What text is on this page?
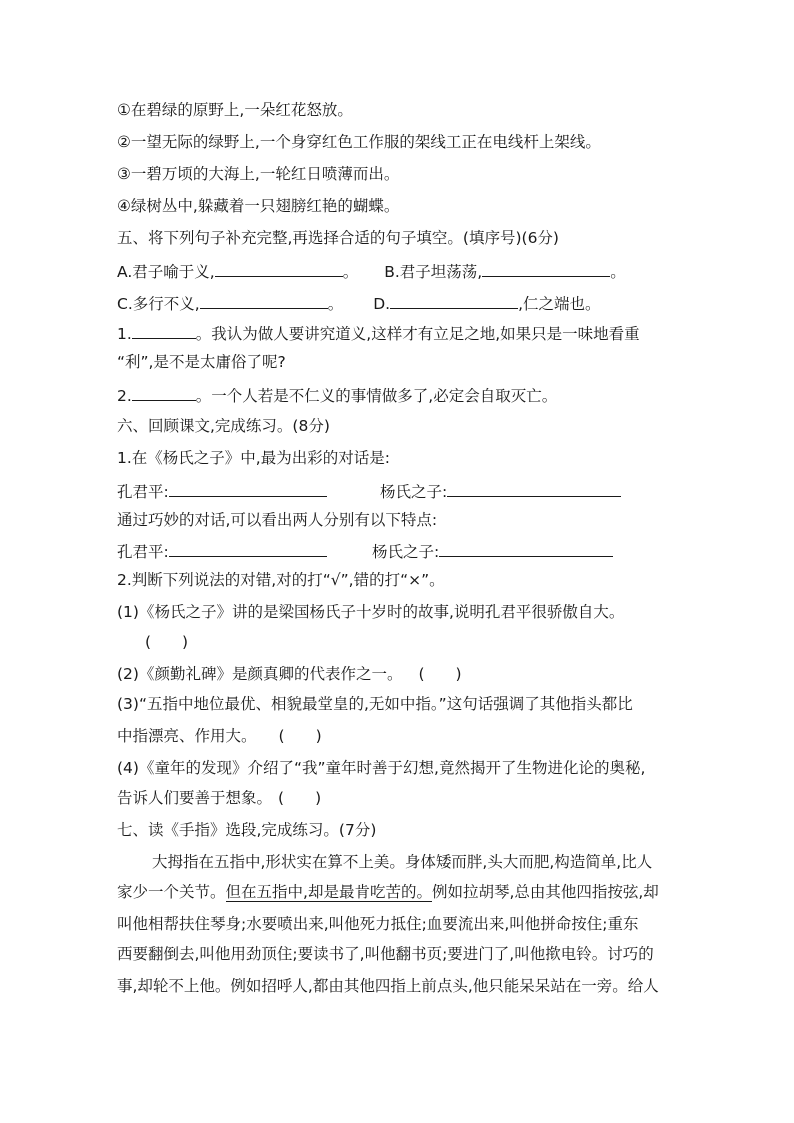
①在碧绿的原野上,一朵红花怒放。
②一望无际的绿野上,一个身穿红色工作服的架线工正在电线杆上架线。
③一碧万顷的大海上,一轮红日喷薄而出。
④绿树丛中,躲藏着一只翅膀红艳的蝴蝶。
五、将下列句子补充完整,再选择合适的句子填空。(填序号)(6分)
A.君子喻于义,	。 B.君子坦荡荡,	。
C.多行不义,	。 D.	,仁之端也。
1.	。我认为做人要讲究道义,这样才有立足之地,如果只是一味地看重
“利”,是不是太庸俗了呢?
2.	。一个人若是不仁义的事情做多了,必定会自取灭亡。
六、回顾课文,完成练习。(8分)
1.在《杨氏之子》中,最为出彩的对话是:
孔君平:	杨氏之子:
通过巧妙的对话,可以看出两人分别有以下特点:
孔君平:	杨氏之子:
2.判断下列说法的对错,对的打“√”,错的打“×”。
(1)《杨氏之子》讲的是梁国杨氏子十岁时的故事,说明孔君平很骄傲自大。
(　　)
(2)《颜勤礼碑》是颜真卿的代表作之一。 (　　)
(3)“五指中地位最优、相貌最堂皇的,无如中指。”这句话强调了其他指头都比
中指漂亮、作用大。 (　　)
(4)《童年的发现》介绍了“我”童年时善于幻想,竟然揭开了生物进化论的奥秘,
告诉人们要善于想象。 (　　)
七、读《手指》选段,完成练习。(7分)
大拇指在五指中,形状实在算不上美。身体矮而胖,头大而肥,构造简单,比人
家少一个关节。但在五指中,却是最肯吃苦的。例如拉胡琴,总由其他四指按弦,却
叫他相帮扶住琴身;水要喷出来,叫他死力抵住;血要流出来,叫他拼命按住;重东
西要翻倒去,叫他用劲顶住;要读书了,叫他翻书页;要进门了,叫他揿电铃。讨巧的
事,却轮不上他。例如招呼人,都由其他四指上前点头,他只能呆呆站在一旁。给人
